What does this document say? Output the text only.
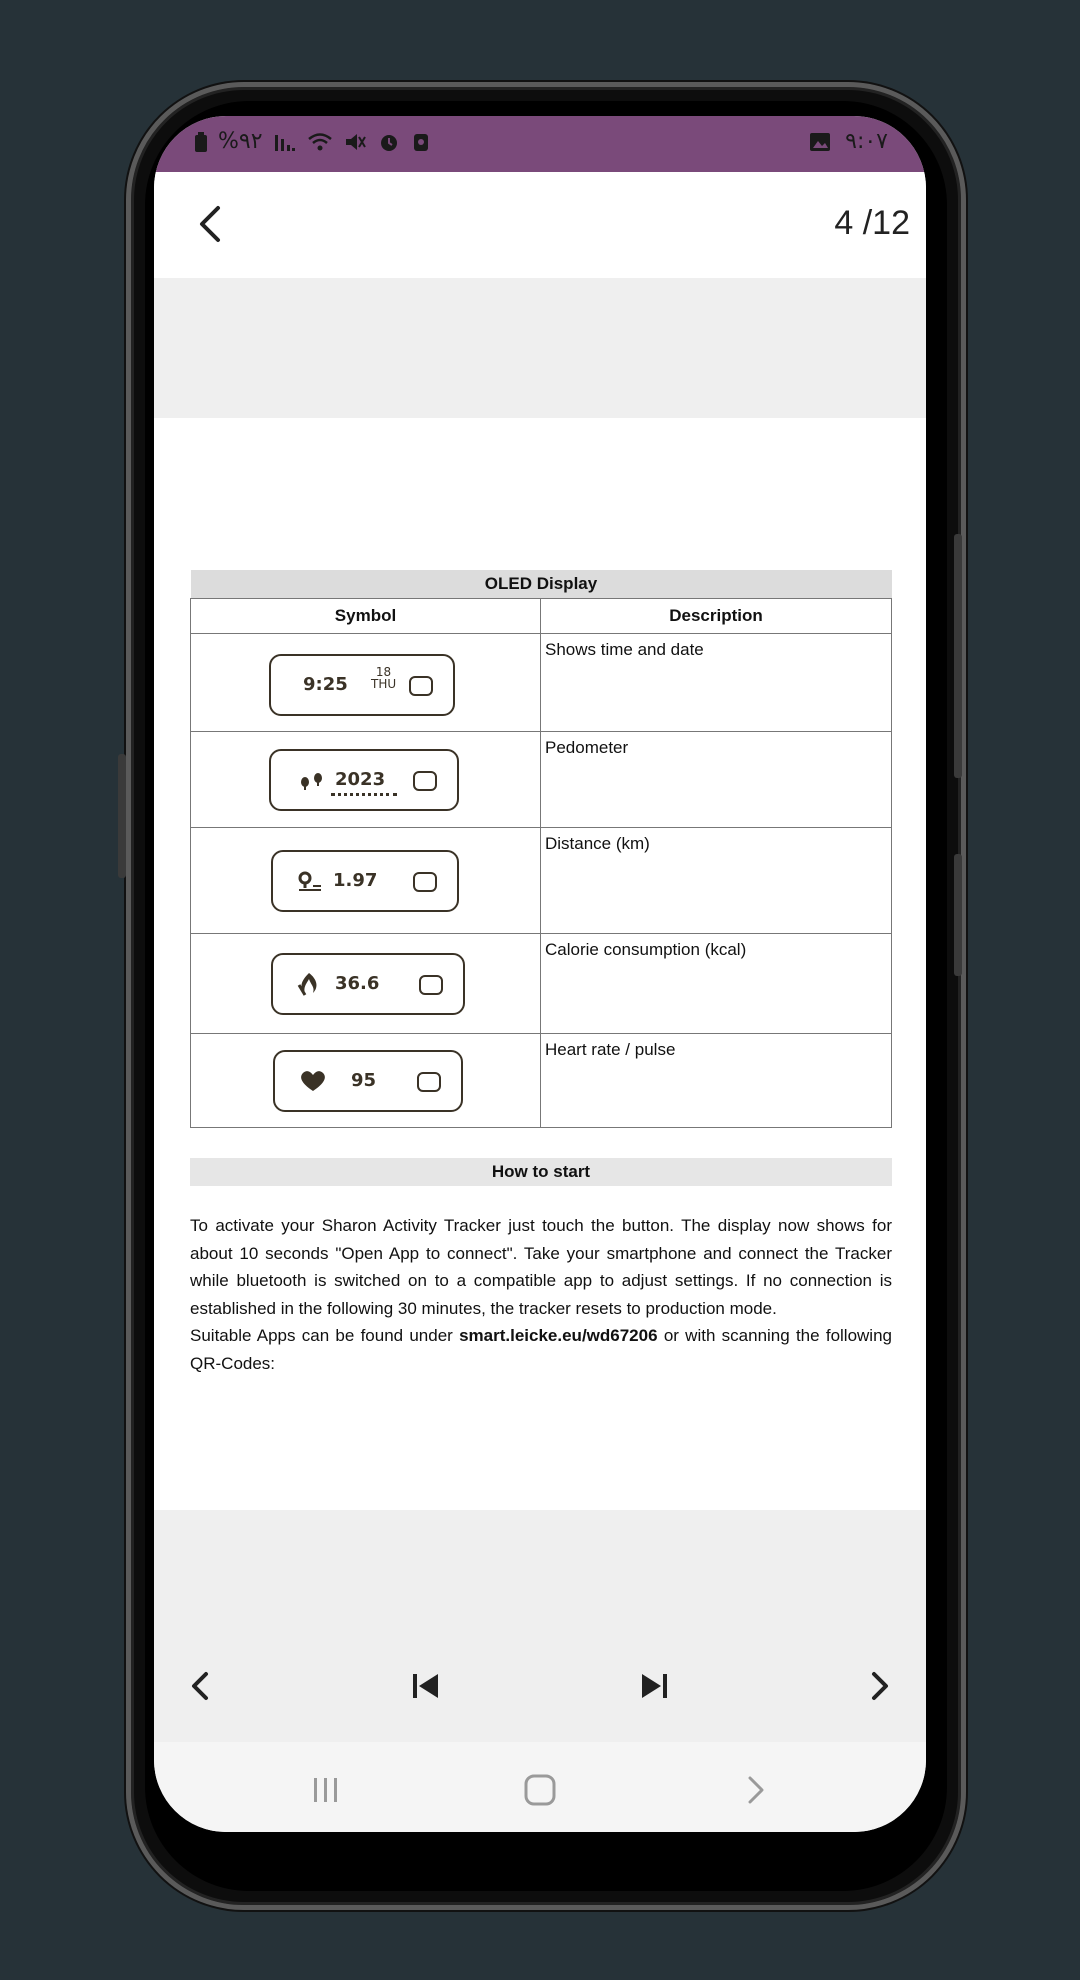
%٩٢	٩:٠٧
4 /12
OLED Display	
Symbol	Description

9:25
18
THU	Shows time and date

2023	Pedometer

1.97	Distance (km)

36.6	Calorie consumption (kcal)

95	Heart rate / pulse
How to start
To activate your Sharon Activity Tracker just touch the button. The display now shows for about 10 seconds "Open App to connect". Take your smartphone and connect the Tracker while bluetooth is switched on to a compatible app to adjust settings. If no connection is established in the following 30 minutes, the tracker resets to production mode.
Suitable Apps can be found under smart.leicke.eu/wd67206 or with scanning the following QR-Codes:
